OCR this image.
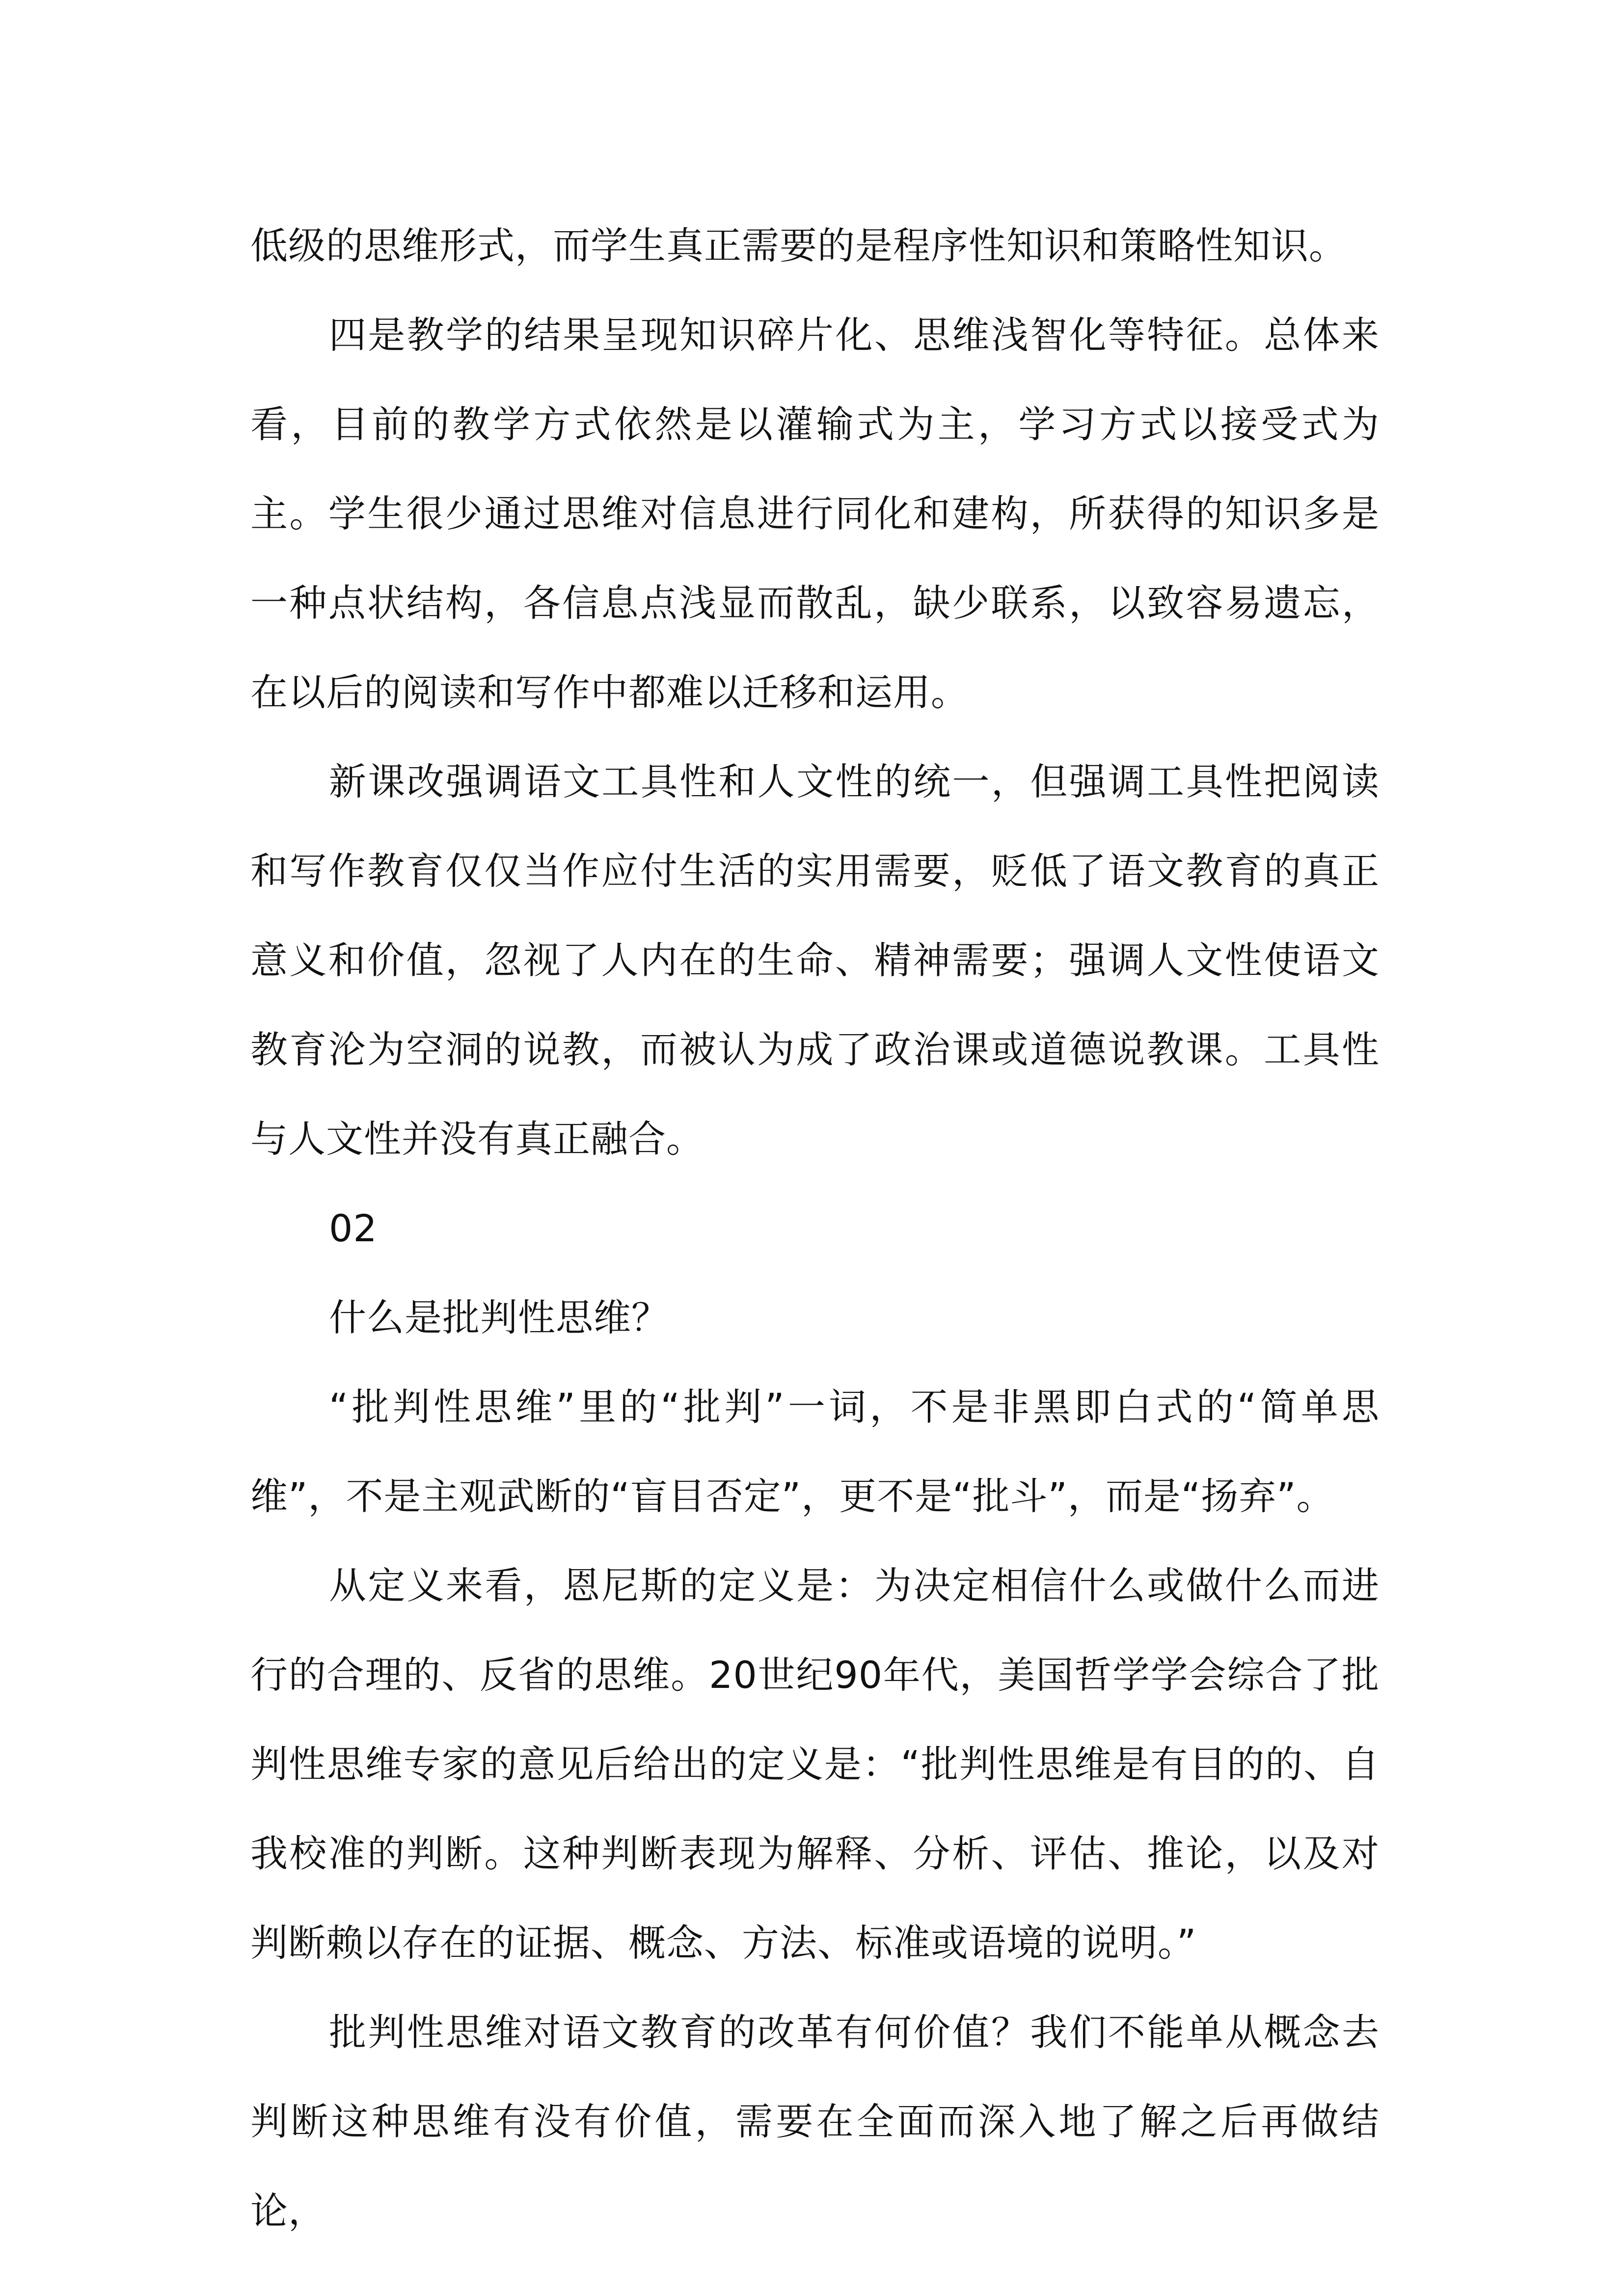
低级的思维形式，而学生真正需要的是程序性知识和策略性知识。

四是教学的结果呈现知识碎片化、思维浅智化等特征。总体来看，目前的教学方式依然是以灌输式为主，学习方式以接受式为主。学生很少通过思维对信息进行同化和建构，所获得的知识多是一种点状结构，各信息点浅显而散乱，缺少联系，以致容易遗忘，在以后的阅读和写作中都难以迁移和运用。

新课改强调语文工具性和人文性的统一，但强调工具性把阅读和写作教育仅仅当作应付生活的实用需要，贬低了语文教育的真正意义和价值，忽视了人内在的生命、精神需要；强调人文性使语文教育沦为空洞的说教，而被认为成了政治课或道德说教课。工具性与人文性并没有真正融合。

02

什么是批判性思维？

“批判性思维”里的“批判”一词，不是非黑即白式的“简单思维”，不是主观武断的“盲目否定”，更不是“批斗”，而是“扬弃”。

从定义来看，恩尼斯的定义是：为决定相信什么或做什么而进行的合理的、反省的思维。20世纪90年代，美国哲学学会综合了批判性思维专家的意见后给出的定义是：“批判性思维是有目的的、自我校准的判断。这种判断表现为解释、分析、评估、推论，以及对判断赖以存在的证据、概念、方法、标准或语境的说明。”

批判性思维对语文教育的改革有何价值？我们不能单从概念去判断这种思维有没有价值，需要在全面而深入地了解之后再做结论，
